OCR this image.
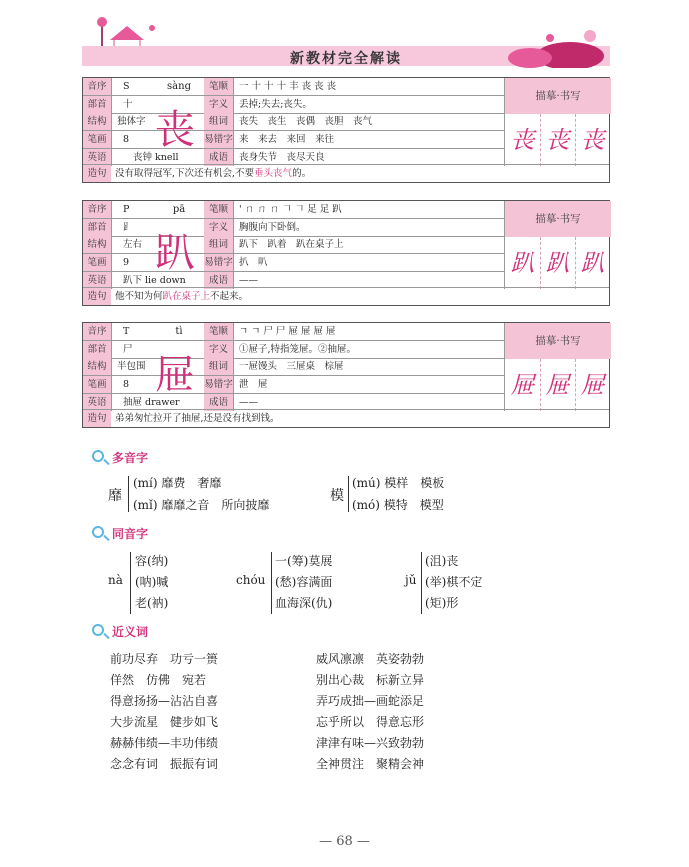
新教材完全解读
音序	S	sàng	笔顺	一 十 十 十 丰 丧 丧 丧
部首	十	字义	丢掉;失去;丧失。
结构	独体字	组词	丧失　丧生　丧偶　丧胆　丧气
笔画	8	易错字 来　来去　来回　来往
英语	丧钟 knell	成语	丧身失节　丧尽天良
丧
描摹·书写
丧 丧 丧
造句 没有取得冠军,下次还有机会,不要垂头丧气的。
音序	P	pā	笔顺	' ㄇ ㄇ ㄇ 𠃍 𠃍 足 足 趴
部首	⻊	字义	胸腹向下卧倒。
结构	左右	组词	趴下　趴着　趴在桌子上
笔画	9	易错字 扒　叭
英语	趴下 lie down	成语	——
趴
描摹·书写
趴 趴 趴
造句 他不知为何趴在桌子上不起来。
音序	T	tì	笔顺	ㄱ ㄱ 尸 尸 屉 屉 屉 屉
部首	尸	字义	①屉子,特指笼屉。②抽屉。
结构	半包围	组词	一屉馒头　三屉桌　棕屉
笔画	8	易错字 泄　屉
英语	抽屉 drawer	成语	——
屉
描摹·书写
屉 屉 屉
造句 弟弟匆忙拉开了抽屉,还是没有找到钱。
多音字
靡
(mí) 靡费　奢靡
(mǐ) 靡靡之音　所向披靡
模
(mú) 模样　模板
(mó) 模特　模型
同音字
nà
容(纳)
(呐)喊
老(衲)
chóu
一(筹)莫展
(愁)容满面
血海深(仇)
jǔ
(沮)丧
(举)棋不定
(矩)形
近义词
前功尽弃　功亏一篑
佯然　仿佛　宛若
得意扬扬—沾沾自喜
大步流星　健步如飞
赫赫伟绩—丰功伟绩
念念有词　振振有词
威风凛凛　英姿勃勃
别出心裁　标新立异
弄巧成拙—画蛇添足
忘乎所以　得意忘形
津津有味—兴致勃勃
全神贯注　聚精会神
— 68 —
